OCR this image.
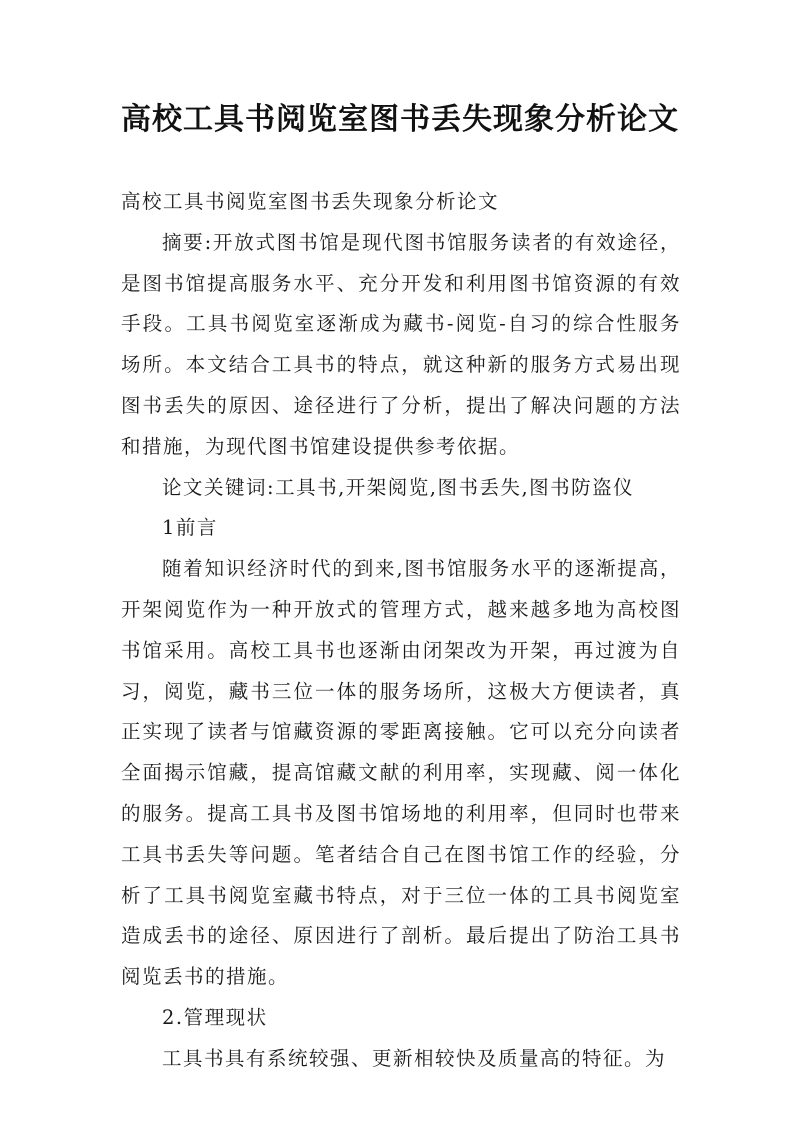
高校工具书阅览室图书丢失现象分析论文

高校工具书阅览室图书丢失现象分析论文

摘要:开放式图书馆是现代图书馆服务读者的有效途径，是图书馆提高服务水平、充分开发和利用图书馆资源的有效手段。工具书阅览室逐渐成为藏书-阅览-自习的综合性服务场所。本文结合工具书的特点，就这种新的服务方式易出现图书丢失的原因、途径进行了分析，提出了解决问题的方法和措施，为现代图书馆建设提供参考依据。

论文关键词:工具书,开架阅览,图书丢失,图书防盗仪

1前言

随着知识经济时代的到来,图书馆服务水平的逐渐提高，开架阅览作为一种开放式的管理方式，越来越多地为高校图书馆采用。高校工具书也逐渐由闭架改为开架，再过渡为自习，阅览，藏书三位一体的服务场所，这极大方便读者，真正实现了读者与馆藏资源的零距离接触。它可以充分向读者全面揭示馆藏，提高馆藏文献的利用率，实现藏、阅一体化的服务。提高工具书及图书馆场地的利用率，但同时也带来工具书丢失等问题。笔者结合自己在图书馆工作的经验，分析了工具书阅览室藏书特点，对于三位一体的工具书阅览室造成丢书的途径、原因进行了剖析。最后提出了防治工具书阅览丢书的措施。

2.管理现状

工具书具有系统较强、更新相较快及质量高的特征。为
